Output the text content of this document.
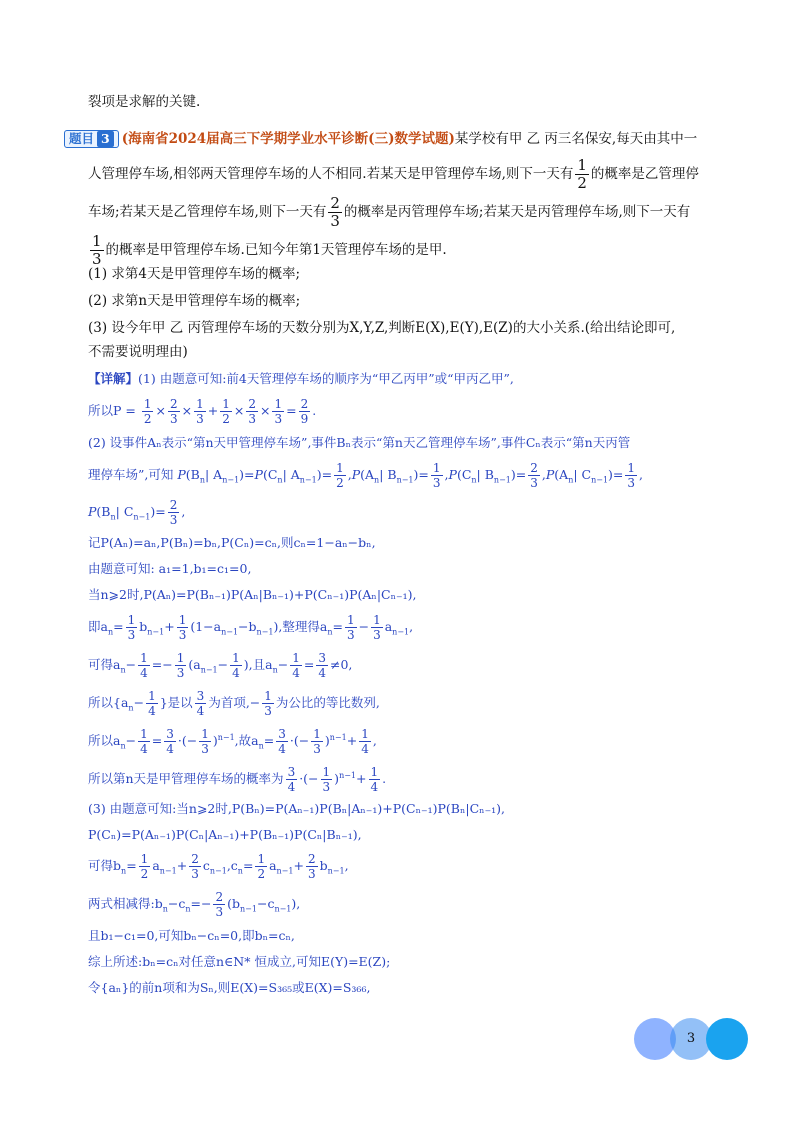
裂项是求解的关键.
题目 3 (海南省2024届高三下学期学业水平诊断(三)数学试题)某学校有甲 乙 丙三名保安,每天由其中一
人管理停车场,相邻两天管理停车场的人不相同.若某天是甲管理停车场,则下一天有 $\frac{1}{2}$ 的概率是乙管理停
车场;若某天是乙管理停车场,则下一天有 $\frac{2}{3}$ 的概率是丙管理停车场;若某天是丙管理停车场,则下一天有
$\frac{1}{3}$ 的概率是甲管理停车场.已知今年第1天管理停车场的是甲.
(1) 求第4天是甲管理停车场的概率;
(2) 求第n天是甲管理停车场的概率;
(3) 设今年甲 乙 丙管理停车场的天数分别为X,Y,Z,判断E(X),E(Y),E(Z)的大小关系.(给出结论即可,
不需要说明理由)
【详解】(1) 由题意可知:前4天管理停车场的顺序为“甲乙丙甲”或“甲丙乙甲”,
所以$P = \frac{1}{2} \times \frac{2}{3} \times \frac{1}{3} + \frac{1}{2} \times \frac{2}{3} \times \frac{1}{3} = \frac{2}{9}$ .
(2) 设事件Aₙ表示“第n天甲管理停车场”,事件Bₙ表示“第n天乙管理停车场”,事件Cₙ表示“第n天丙管
理停车场”,可知 $P(B_n|$ $A_{n-1})=P(C_n|$ $A_{n-1})= \frac{1}{2} ,P(A_n|$ $B_{n-1})= \frac{1}{3} ,P(C_n|$ $B_{n-1})= \frac{2}{3} ,P(A_n|$ $C_{n-1})= \frac{1}{3}$ ,
$P(B_n|$ $C_{n-1})= \frac{2}{3}$ ,
记P(Aₙ)=aₙ,P(Bₙ)=bₙ,P(Cₙ)=cₙ,则cₙ=1−aₙ−bₙ,
由题意可知: a₁=1,b₁=c₁=0,
当n⩾2时,P(Aₙ)=P(Bₙ₋₁)P(Aₙ|Bₙ₋₁)+P(Cₙ₋₁)P(Aₙ|Cₙ₋₁),
即$a_n= \frac{1}{3} b_{n-1}+ \frac{1}{3} (1-a_{n-1}-b_{n-1})$,整理得$a_n= \frac{1}{3} - \frac{1}{3} a_{n-1}$,
可得$a_n- \frac{1}{4} =- \frac{1}{3} (a_{n-1}- \frac{1}{4}$ ),且$a_n- \frac{1}{4} = \frac{3}{4} \ne 0$,
所以{$a_n- \frac{1}{4}$ }是以 $\frac{3}{4}$ 为首项,− $\frac{1}{3}$ 为公比的等比数列,
所以$a_n- \frac{1}{4} = \frac{3}{4}$ ·(− $\frac{1}{3} )^{n-1}$,故$a_n= \frac{3}{4}$ ·(− $\frac{1}{3} )^{n-1}+ \frac{1}{4}$ ,
所以第n天是甲管理停车场的概率为 $\frac{3}{4}$ ·(− $\frac{1}{3} )^{n-1}+ \frac{1}{4}$ .
(3) 由题意可知:当n⩾2时,P(Bₙ)=P(Aₙ₋₁)P(Bₙ|Aₙ₋₁)+P(Cₙ₋₁)P(Bₙ|Cₙ₋₁),
P(Cₙ)=P(Aₙ₋₁)P(Cₙ|Aₙ₋₁)+P(Bₙ₋₁)P(Cₙ|Bₙ₋₁),
可得$b_n= \frac{1}{2} a_{n-1}+ \frac{2}{3} c_{n-1},c_n= \frac{1}{2} a_{n-1}+ \frac{2}{3} b_{n-1}$,
两式相减得$:b_n-c_n=- \frac{2}{3} (b_{n-1}-c_{n-1})$,
且b₁−c₁=0,可知bₙ−cₙ=0,即bₙ=cₙ,
综上所述:bₙ=cₙ对任意n∈N* 恒成立,可知E(Y)=E(Z);
令{aₙ}的前n项和为Sₙ,则E(X)=S₃₆₅或E(X)=S₃₆₆,
3
